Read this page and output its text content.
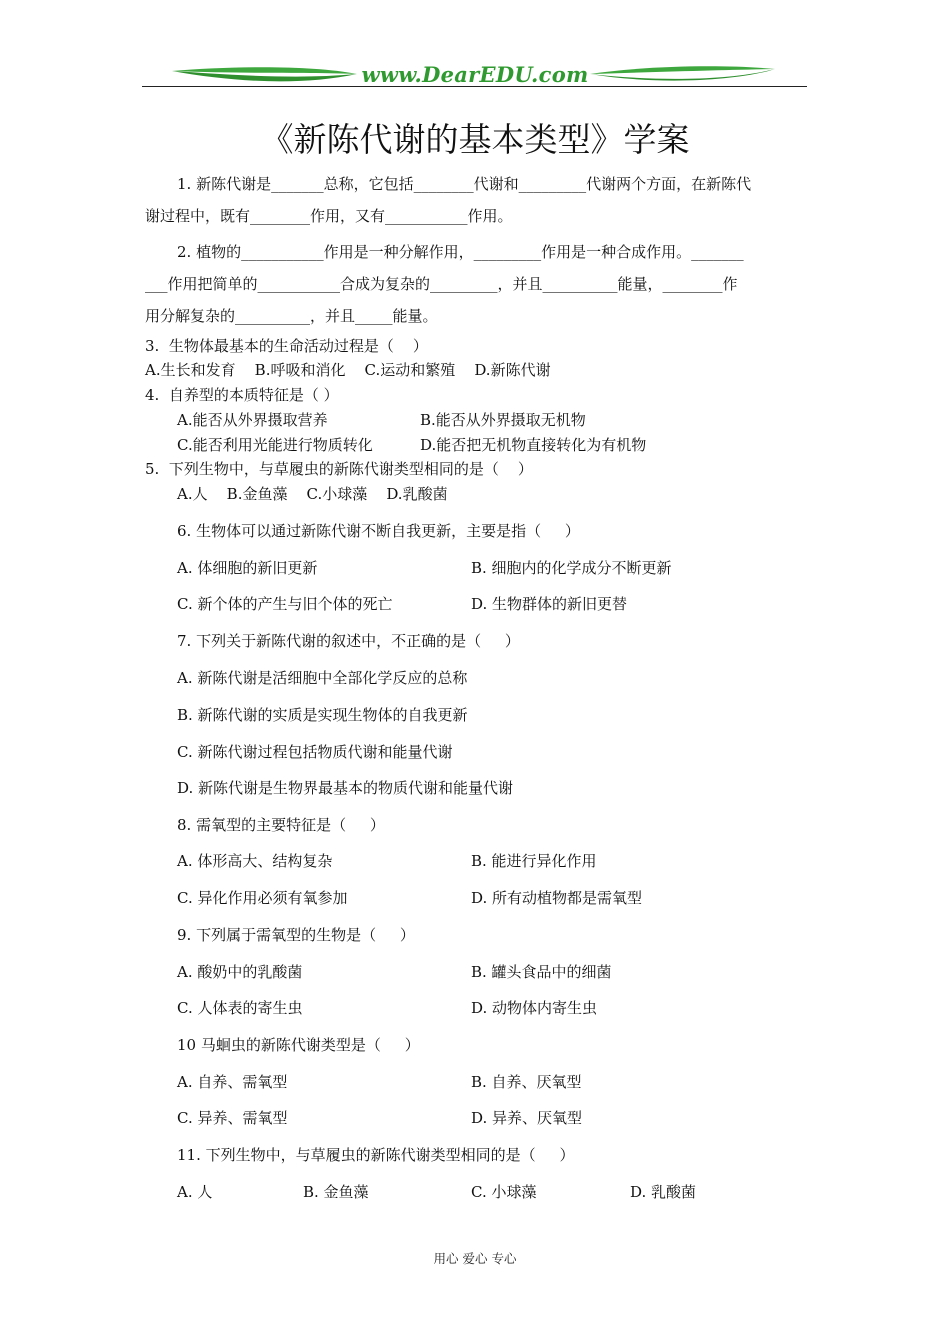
www.DearEDU.com
《新陈代谢的基本类型》学案
1. 新陈代谢是_______总称，它包括________代谢和_________代谢两个方面，在新陈代
谢过程中，既有________作用，又有___________作用。
2. 植物的___________作用是一种分解作用，_________作用是一种合成作用。_______
___作用把简单的___________合成为复杂的_________，并且__________能量，________作
用分解复杂的__________，并且_____能量。
3.  生物体最基本的生命活动过程是（    ）
A.生长和发育    B.呼吸和消化    C.运动和繁殖    D.新陈代谢
4.  自养型的本质特征是（ ）
A.能否从外界摄取营养	B.能否从外界摄取无机物
C.能否利用光能进行物质转化	D.能否把无机物直接转化为有机物
5.  下列生物中，与草履虫的新陈代谢类型相同的是（    ）
A.人    B.金鱼藻    C.小球藻    D.乳酸菌
6. 生物体可以通过新陈代谢不断自我更新，主要是指（     ）
A. 体细胞的新旧更新	B. 细胞内的化学成分不断更新
C. 新个体的产生与旧个体的死亡	D. 生物群体的新旧更替
7. 下列关于新陈代谢的叙述中，不正确的是（     ）
A. 新陈代谢是活细胞中全部化学反应的总称
B. 新陈代谢的实质是实现生物体的自我更新
C. 新陈代谢过程包括物质代谢和能量代谢
D. 新陈代谢是生物界最基本的物质代谢和能量代谢
8. 需氧型的主要特征是（     ）
A. 体形高大、结构复杂	B. 能进行异化作用
C. 异化作用必须有氧参加	D. 所有动植物都是需氧型
9. 下列属于需氧型的生物是（     ）
A. 酸奶中的乳酸菌	B. 罐头食品中的细菌
C. 人体表的寄生虫	D. 动物体内寄生虫
10 马蛔虫的新陈代谢类型是（     ）
A. 自养、需氧型	B. 自养、厌氧型
C. 异养、需氧型	D. 异养、厌氧型
11. 下列生物中，与草履虫的新陈代谢类型相同的是（     ）
A. 人	B. 金鱼藻	C. 小球藻	D. 乳酸菌
用心 爱心 专心
